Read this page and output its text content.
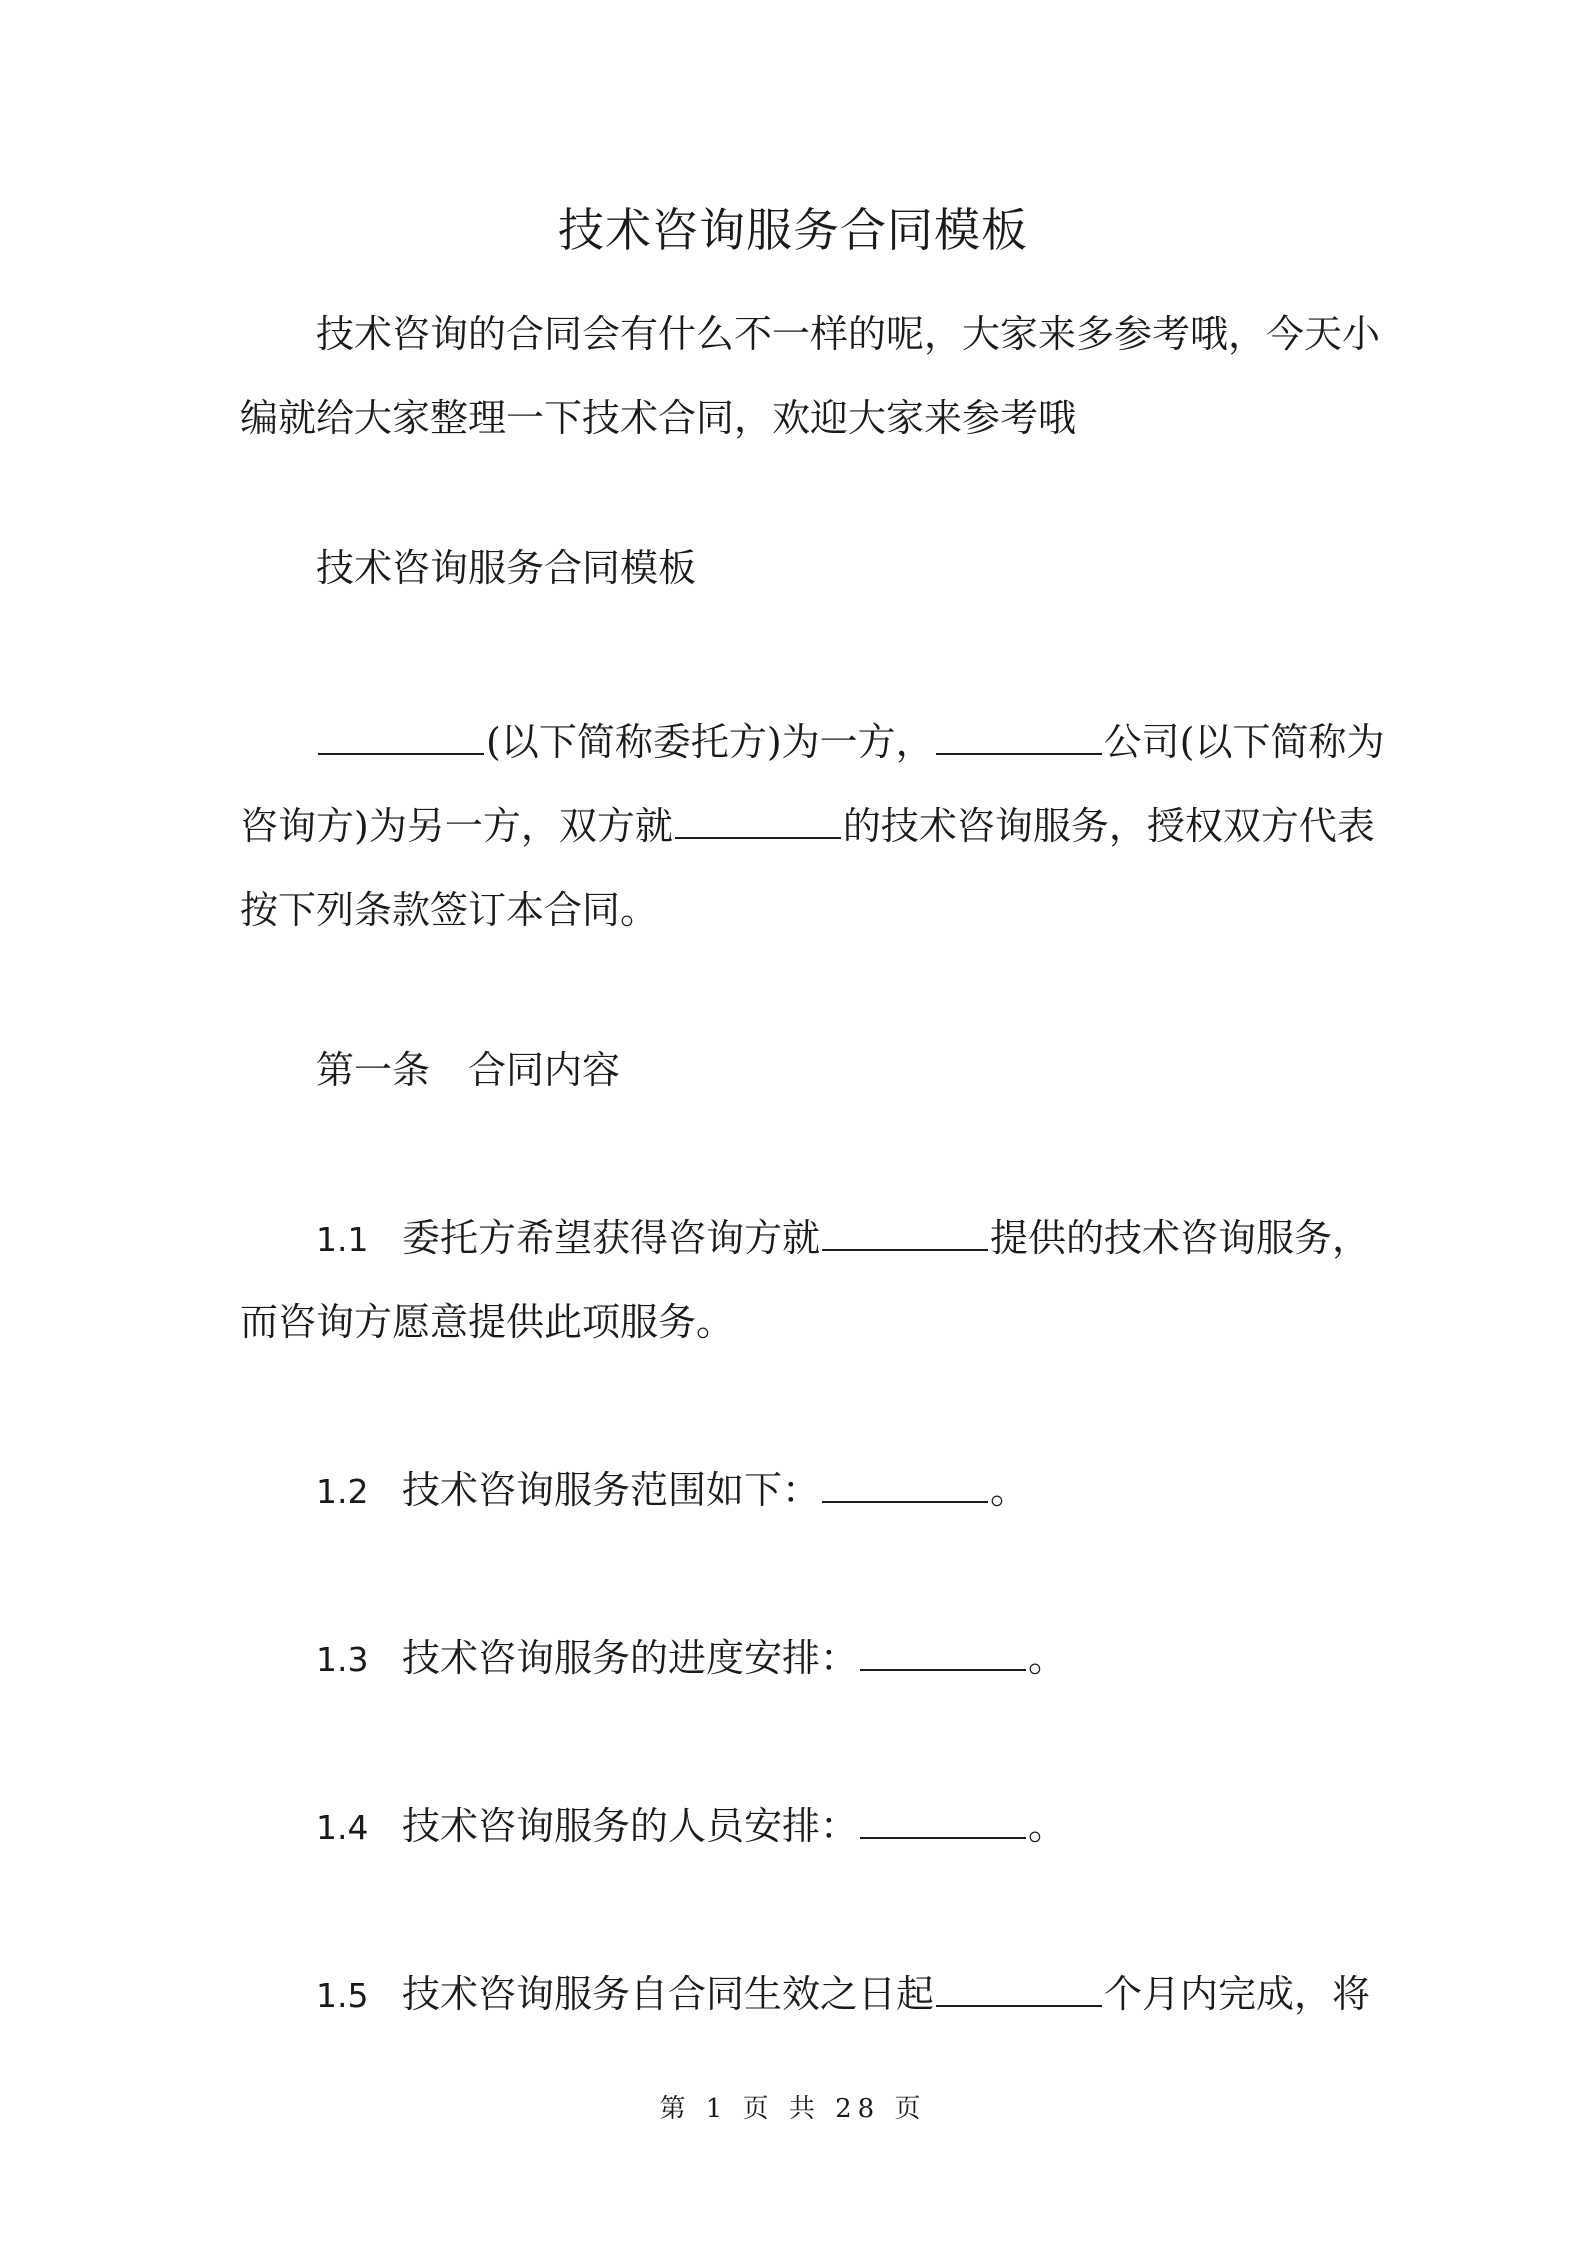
技术咨询服务合同模板
技术咨询的合同会有什么不一样的呢，大家来多参考哦，今天小
编就给大家整理一下技术合同，欢迎大家来参考哦
技术咨询服务合同模板
(以下简称委托方)为一方，	公司(以下简称为
咨询方)为另一方，双方就	的技术咨询服务，授权双方代表
按下列条款签订本合同。
第一条　合同内容
1.1 委托方希望获得咨询方就	提供的技术咨询服务，
而咨询方愿意提供此项服务。
1.2 技术咨询服务范围如下：	。
1.3 技术咨询服务的进度安排：	。
1.4 技术咨询服务的人员安排：	。
1.5 技术咨询服务自合同生效之日起	个月内完成，将
第 1 页 共 28 页
